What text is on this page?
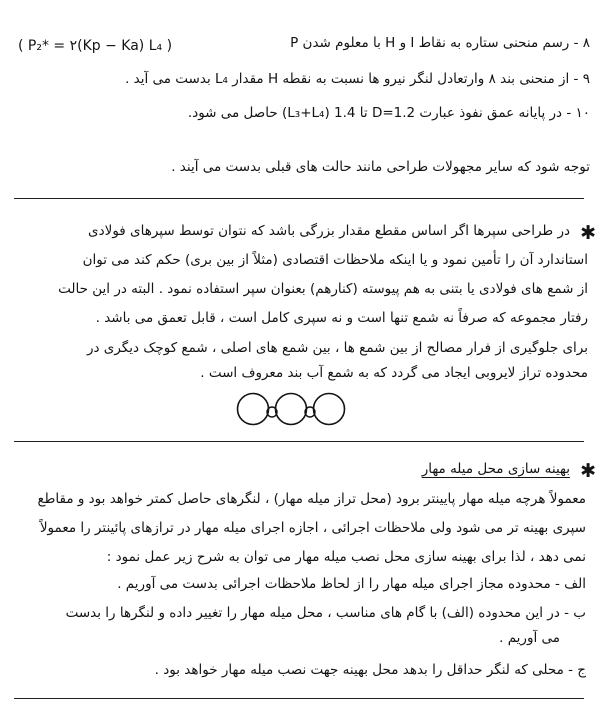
۸ - رسم منحنی ستاره به نقاط I و H با معلوم شدن P

( P₂* = ۲(Kp − Ka) L₄ )

۹ - از منحنی بند ۸ وارتعادل لنگر نیرو ها نسبت به نقطه H مقدار L₄ بدست می آید .

۱۰ - در پایانه عمق نفوذ عبارت D=1.2 تا 1.4 (L₃+L₄) حاصل می شود.

توجه شود که سایر مجهولات طراحی مانند حالت های قبلی بدست می آیند .

✱

در طراحی سپرها اگر اساس مقطع مقدار بزرگی باشد که نتوان توسط سپرهای فولادی

استاندارد آن را تأمین نمود و یا اینکه ملاحظات اقتصادی (مثلاً از بین بری) حکم کند می توان

از شمع های فولادی یا بتنی به هم پیوسته (کنارهم) بعنوان سپر استفاده نمود . البته در این حالت

رفتار مجموعه که صرفاً نه شمع تنها است و نه سپری کامل است ، قابل تعمق می باشد .

برای جلوگیری از فرار مصالح از بین شمع ها ، بین شمع های اصلی ، شمع کوچک دیگری در

محدوده تراز لایروبی ایجاد می گردد که به شمع آب بند معروف است .

✱

بهینه سازی محل میله مهار

معمولاً هرچه میله مهار پایینتر برود (محل تراز میله مهار) ، لنگرهای حاصل کمتر خواهد بود و مقاطع

سپری بهینه تر می شود ولی ملاحظات اجرائی ، اجازه اجرای میله مهار در ترازهای پائینتر را معمولاً

نمی دهد ، لذا برای بهینه سازی محل نصب میله مهار می توان به شرح زیر عمل نمود :

الف - محدوده مجاز اجرای میله مهار را از لحاظ ملاحظات اجرائی بدست می آوریم .

ب - در این محدوده (الف) با گام های مناسب ، محل میله مهار را تغییر داده و لنگرها را بدست

می آوریم .

ج - محلی که لنگر حداقل را بدهد محل بهینه جهت نصب میله مهار خواهد بود .
